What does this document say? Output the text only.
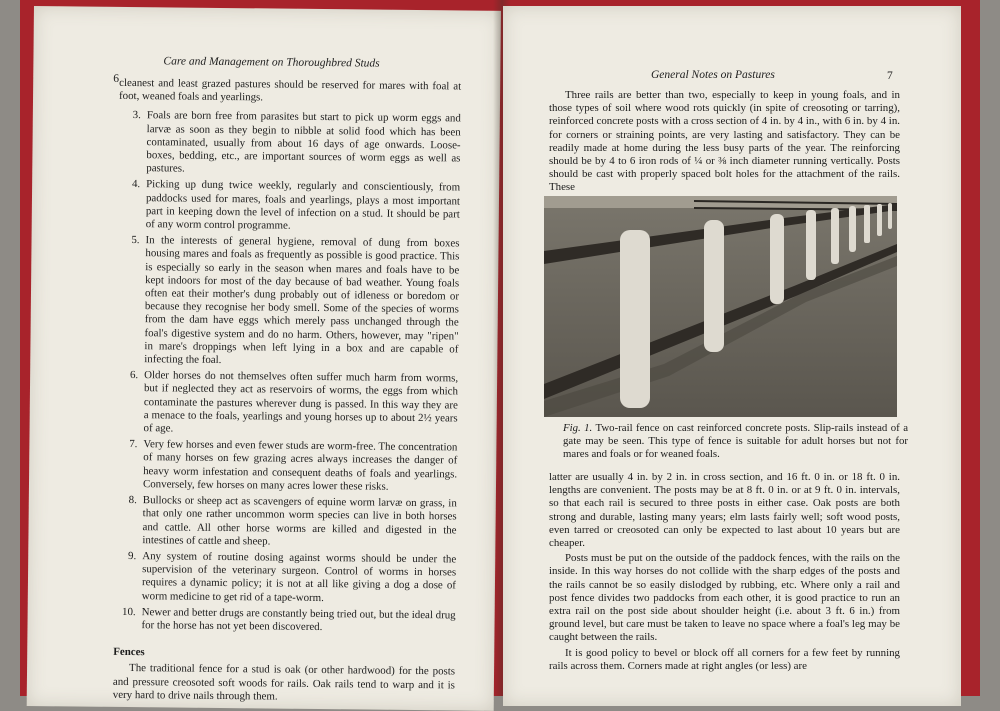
6
Care and Management on Thoroughbred Studs

cleanest and least grazed pastures should be reserved for mares with foal at foot, weaned foals and yearlings.

3. Foals are born free from parasites but start to pick up worm eggs and larvæ as soon as they begin to nibble at solid food which has been contaminated, usually from about 16 days of age onwards. Loose-boxes, bedding, etc., are important sources of worm eggs as well as pastures.
4. Picking up dung twice weekly, regularly and conscientiously, from paddocks used for mares, foals and yearlings, plays a most important part in keeping down the level of infection on a stud. It should be part of any worm control programme.
5. In the interests of general hygiene, removal of dung from boxes housing mares and foals as frequently as possible is good practice. This is especially so early in the season when mares and foals have to be kept indoors for most of the day because of bad weather. Young foals often eat their mother's dung probably out of idleness or boredom or because they recognise her body smell. Some of the species of worms from the dam have eggs which merely pass unchanged through the foal's digestive system and do no harm. Others, however, may "ripen" in mare's droppings when left lying in a box and are capable of infecting the foal.
6. Older horses do not themselves often suffer much harm from worms, but if neglected they act as reservoirs of worms, the eggs from which contaminate the pastures wherever dung is passed. In this way they are a menace to the foals, yearlings and young horses up to about 2½ years of age.
7. Very few horses and even fewer studs are worm-free. The concentration of many horses on few grazing acres always increases the danger of heavy worm infestation and consequent deaths of foals and yearlings. Conversely, few horses on many acres lower these risks.
8. Bullocks or sheep act as scavengers of equine worm larvæ on grass, in that only one rather uncommon worm species can live in both horses and cattle. All other horse worms are killed and digested in the intestines of cattle and sheep.
9. Any system of routine dosing against worms should be under the supervision of the veterinary surgeon. Control of worms in horses requires a dynamic policy; it is not at all like giving a dog a dose of worm medicine to get rid of a tape-worm.
10. Newer and better drugs are constantly being tried out, but the ideal drug for the horse has not yet been discovered.
Fences

The traditional fence for a stud is oak (or other hardwood) for the posts and pressure creosoted soft woods for rails. Oak rails tend to warp and it is very hard to drive nails through them.

General Notes on Pastures	7

Three rails are better than two, especially to keep in young foals, and in those types of soil where wood rots quickly (in spite of creosoting or tarring), reinforced concrete posts with a cross section of 4 in. by 4 in., with 6 in. by 4 in. for corners or straining points, are very lasting and satisfactory. They can be readily made at home during the less busy parts of the year. The reinforcing should be by 4 to 6 iron rods of ¼ or ⅜ inch diameter running vertically. Posts should be cast with properly spaced bolt holes for the attachment of the rails. These

Fig. 1. Two-rail fence on cast reinforced concrete posts. Slip-rails instead of a gate may be seen. This type of fence is suitable for adult horses but not for mares and foals or for weaned foals.

latter are usually 4 in. by 2 in. in cross section, and 16 ft. 0 in. or 18 ft. 0 in. lengths are convenient. The posts may be at 8 ft. 0 in. or at 9 ft. 0 in. intervals, so that each rail is secured to three posts in either case. Oak posts are both strong and durable, lasting many years; elm lasts fairly well; soft wood posts, even tarred or creosoted can only be expected to last about 10 years but are cheaper.

Posts must be put on the outside of the paddock fences, with the rails on the inside. In this way horses do not collide with the sharp edges of the posts and the rails cannot be so easily dislodged by rubbing, etc. Where only a rail and post fence divides two paddocks from each other, it is good practice to run an extra rail on the post side about shoulder height (i.e. about 3 ft. 6 in.) from ground level, but care must be taken to leave no space where a foal's leg may be caught between the rails.

It is good policy to bevel or block off all corners for a few feet by running rails across them. Corners made at right angles (or less) are
